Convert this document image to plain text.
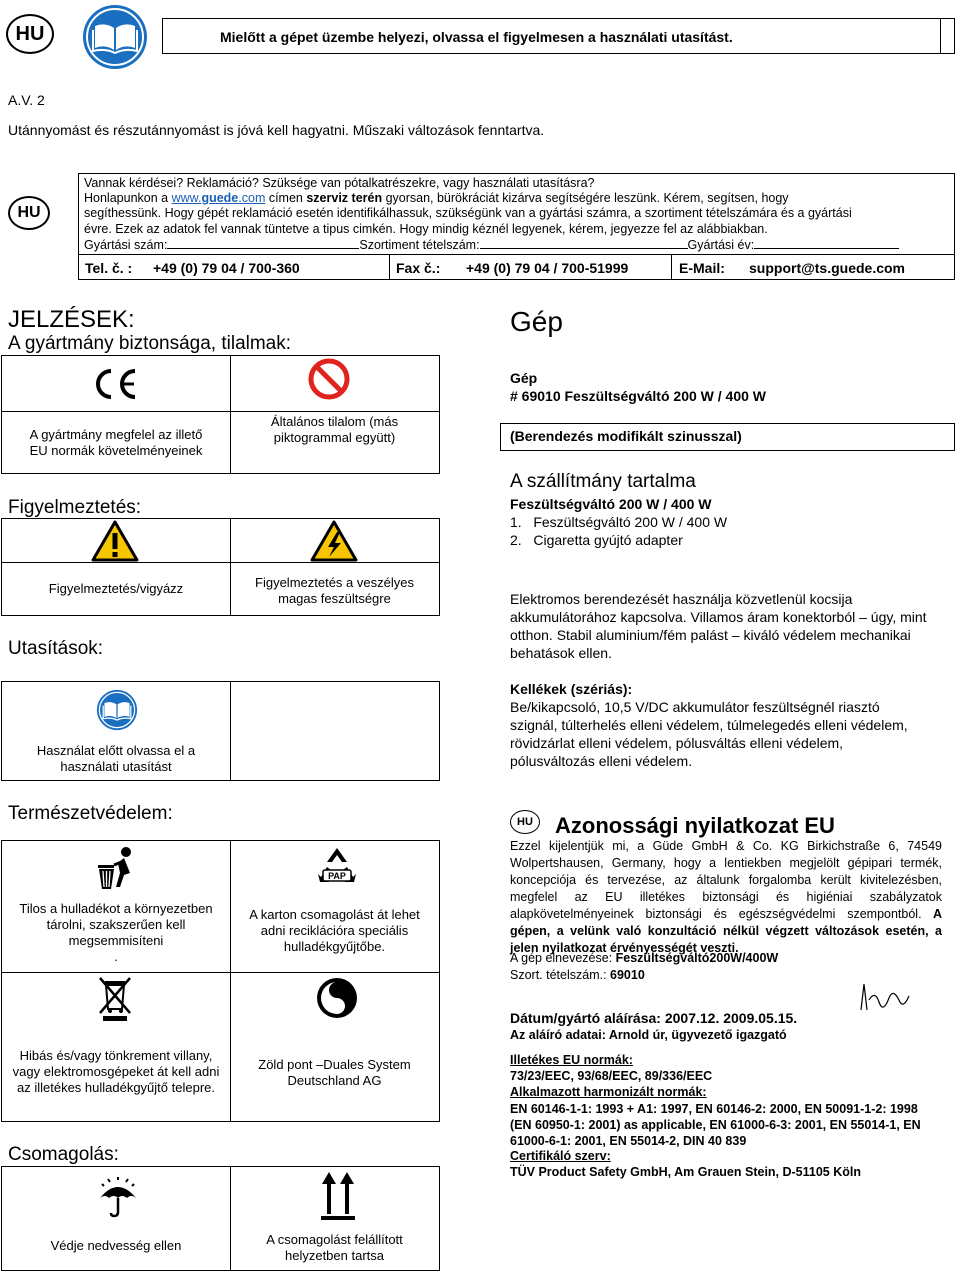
HU	Mielőtt a gépet üzembe helyezi, olvassa el figyelmesen a használati utasítást.
A.V. 2
Utánnyomást és részutánnyomást is jóvá kell hagyatni. Műszaki változások fenntartva.
HU
Vannak kérdései? Reklamáció? Szüksége van pótalkatrészekre, vagy használati utasításra?
Honlapunkon a www.guede.com címen szerviz terén gyorsan, bürökráciát kizárva segítségére leszünk. Kérem, segítsen, hogy
segíthessünk. Hogy gépét reklamáció esetén identifikálhassuk, szükségünk van a gyártási számra, a szortiment tételszámára és a gyártási
évre. Ezek az adatok fel vannak tüntetve a tipus cimkén. Hogy mindig kéznél legyenek, kérem, jegyezze fel az alábbiakban.
Gyártási szám:	Szortiment tételszám:	Gyártási év:
Tel. č. : +49 (0) 79 04 / 700-360	Fax č.: +49 (0) 79 04 / 700-51999	E-Mail: support@ts.guede.com
JELZÉSEK:
A gyártmány biztonsága, tilalmak:
A gyártmány megfelel az illető EU normák követelményeinek
Általános tilalom (más piktogrammal együtt)
Figyelmeztetés:
Figyelmeztetés/vigyázz	Figyelmeztetés a veszélyes magas feszültségre
Utasítások:
Használat előtt olvassa el a használati utasítást
Természetvédelem:
PAP
Tilos a hulladékot a környezetben tárolni, szakszerűen kell megsemmisíteni
.
A karton csomagolást át lehet adni reciklációra speciális hulladékgyűjtőbe.
Hibás és/vagy tönkrement villany, vagy elektromosgépeket át kell adni az illetékes hulladékgyűjtő telepre.
Zöld pont –Duales System Deutschland AG
Csomagolás:
Védje nedvesség ellen	A csomagolást felállított helyzetben tartsa
Gép
Gép
# 69010 Feszültségváltó 200 W / 400 W
(Berendezés modifikált szinusszal)
A szállítmány tartalma
Feszültségváltó 200 W / 400 W
1.   Feszültségváltó 200 W / 400 W
2.   Cigaretta gyújtó adapter
Elektromos berendezését használja közvetlenül kocsija akkumulátorához kapcsolva. Villamos áram konektorból – úgy, mint otthon. Stabil aluminium/fém palást – kiváló védelem mechanikai behatások ellen.
Kellékek (szériás):
Be/kikapcsoló, 10,5 V/DC akkumulátor feszültségnél riasztó szignál, túlterhelés elleni védelem, túlmelegedés elleni védelem, rövidzárlat elleni védelem, pólusváltás elleni védelem, pólusváltozás elleni védelem.
HU	Azonossági nyilatkozat EU
Ezzel kijelentjük mi, a Güde GmbH & Co. KG Birkichstraße 6, 74549 Wolpertshausen, Germany, hogy a lentiekben megjelölt gépipari termék, koncepciója és tervezése, az általunk forgalomba került kivitelezésben, megfelel az EU illetékes biztonsági és higiéniai szabályzatok alapkövetelményeinek biztonsági és egészségvédelmi szempontból. A gépen, a velünk való konzultáció nélkül végzett változások esetén, a jelen nyilatkozat érvényességét veszti.
A gép elnevezése: Feszültségváltó200W/400W
Szort. tételszám.: 69010
Dátum/gyártó aláírása: 2007.12. 2009.05.15.
Az aláíró adatai: Arnold úr, ügyvezető igazgató
Illetékes EU normák:
73/23/EEC, 93/68/EEC, 89/336/EEC
Alkalmazott harmonizált normák:
EN 60146-1-1: 1993 + A1: 1997, EN 60146-2: 2000, EN 50091-1-2: 1998 (EN 60950-1: 2001) as applicable, EN 61000-6-3: 2001, EN 55014-1, EN 61000-6-1: 2001, EN 55014-2, DIN 40 839
Certifikáló szerv:
TÜV Product Safety GmbH, Am Grauen Stein, D-51105 Köln
